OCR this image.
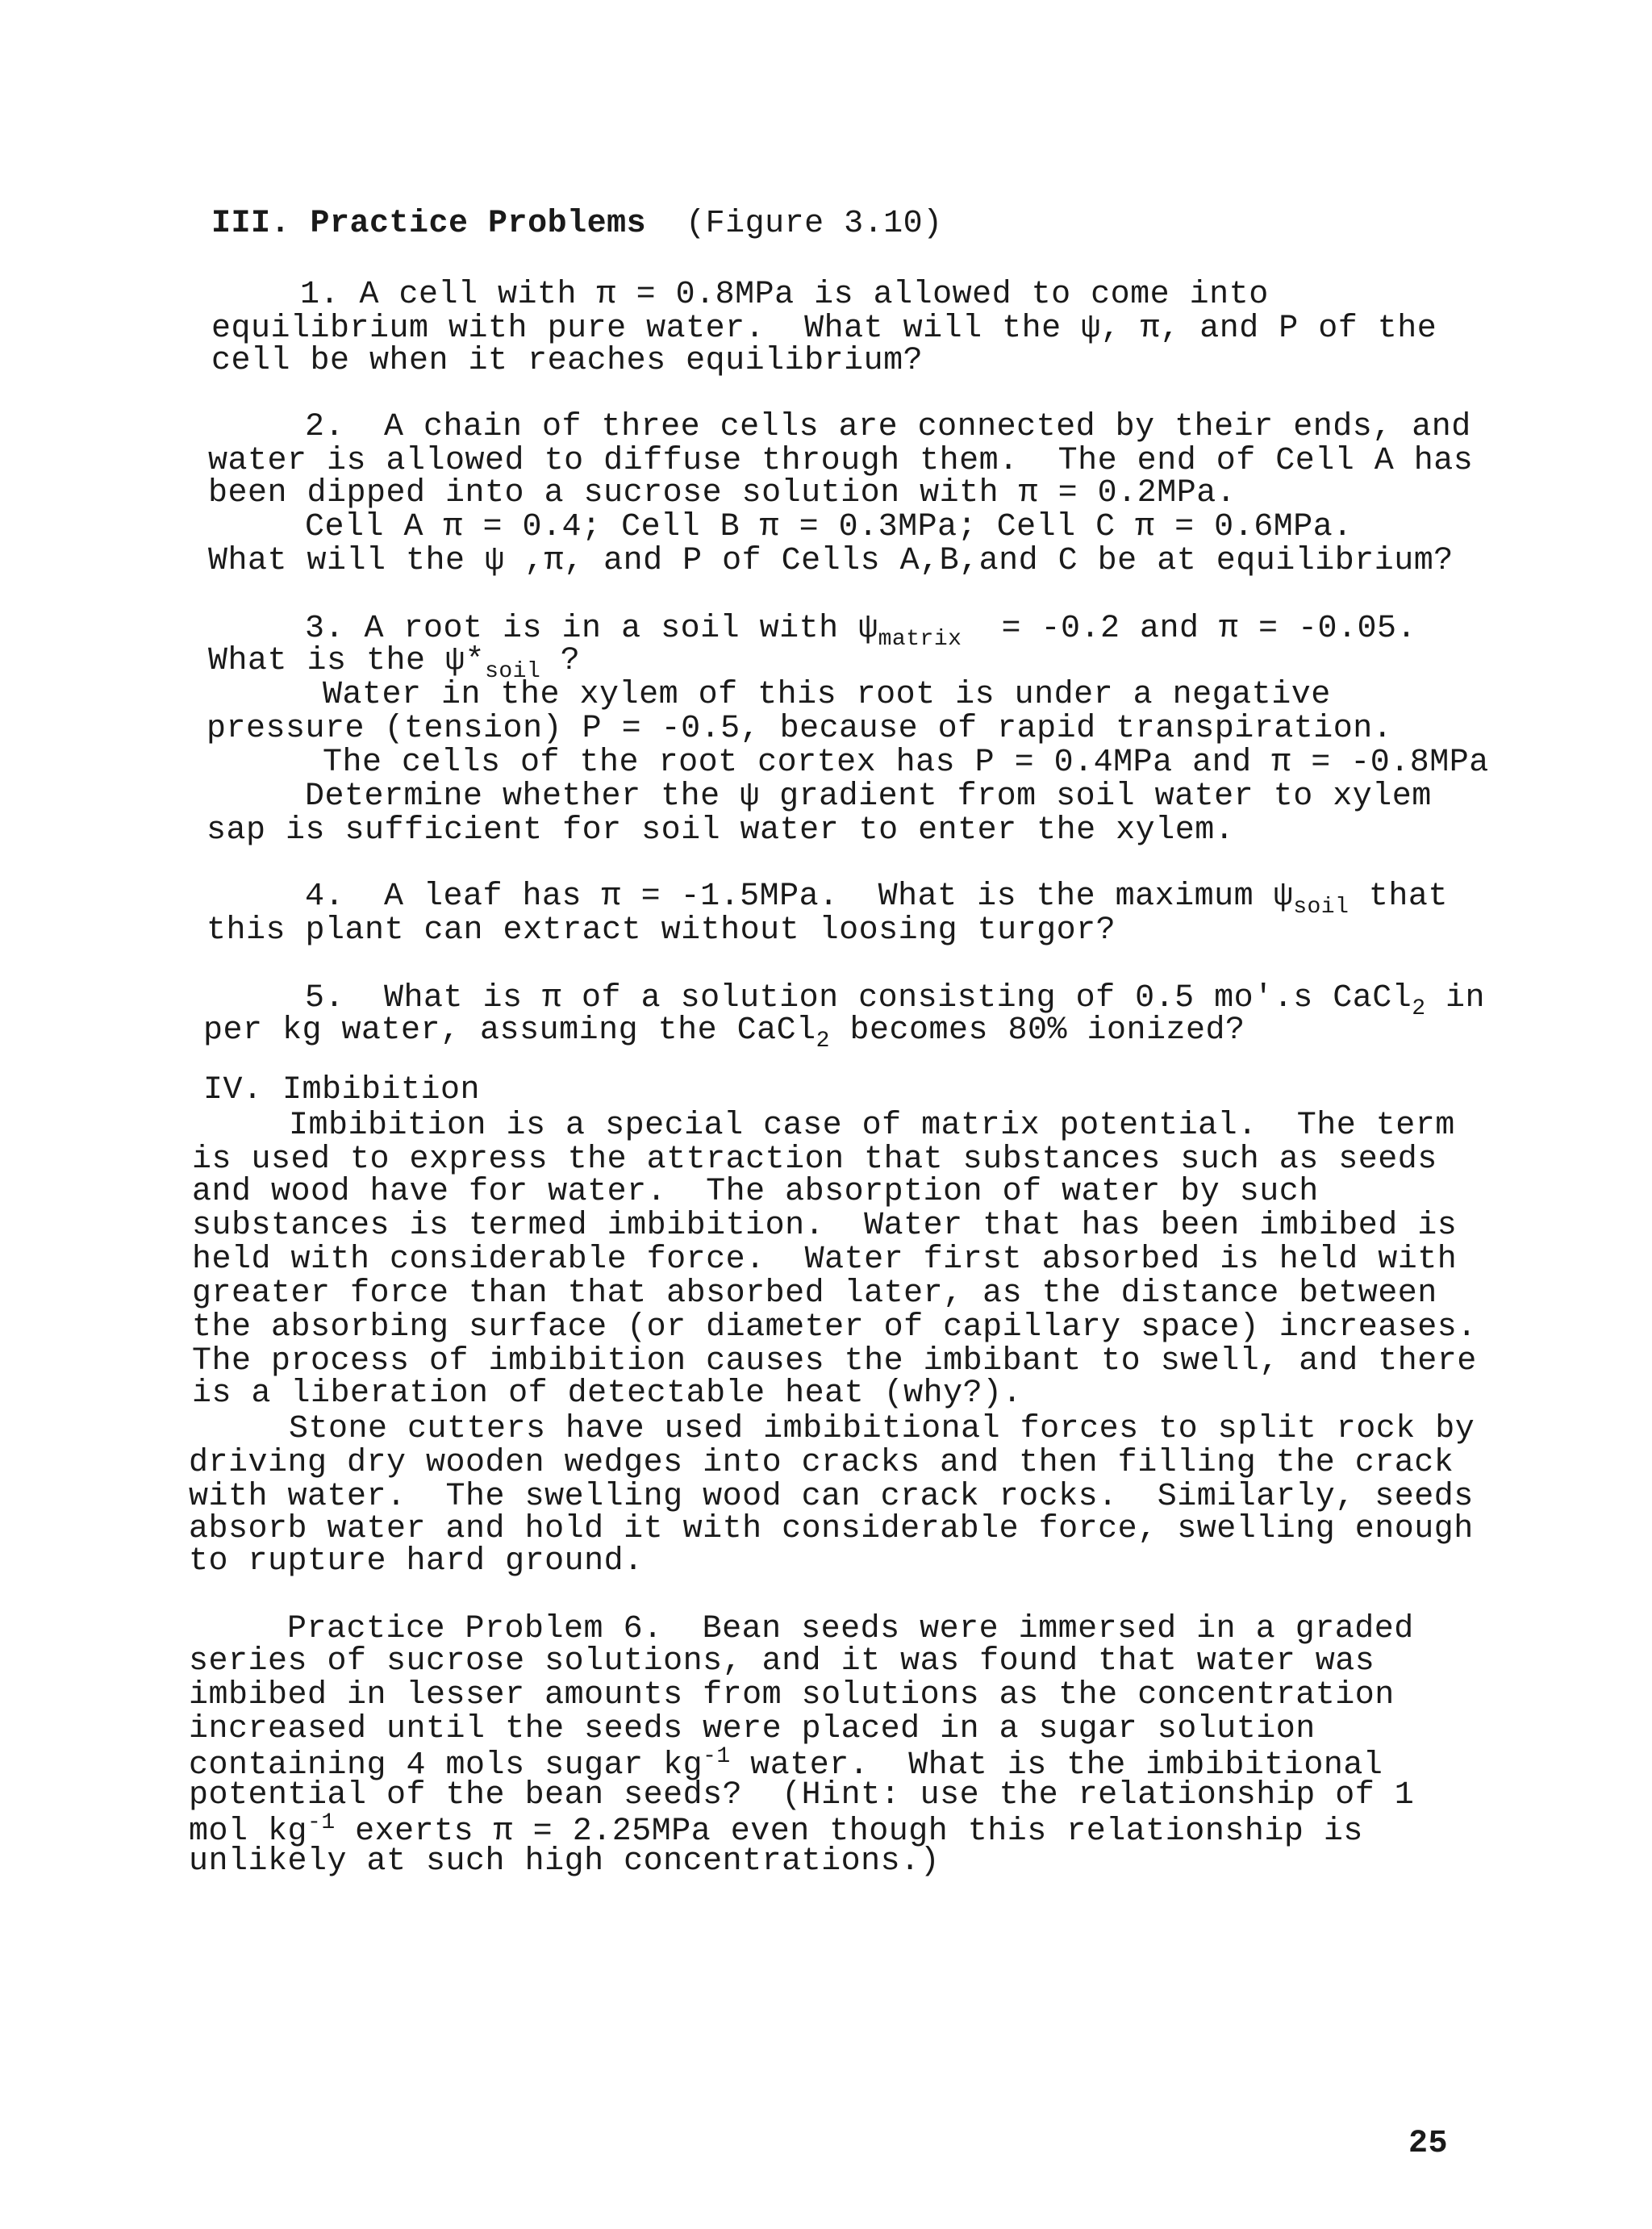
III. Practice Problems (Figure 3.10)
1. A cell with π = 0.8MPa is allowed to come into
equilibrium with pure water.  What will the ψ, π, and P of the
cell be when it reaches equilibrium?
2.  A chain of three cells are connected by their ends, and
water is allowed to diffuse through them.  The end of Cell A has
been dipped into a sucrose solution with π = 0.2MPa.
Cell A π = 0.4; Cell B π = 0.3MPa; Cell C π = 0.6MPa.
What will the ψ ,π, and P of Cells A,B,and C be at equilibrium?
3. A root is in a soil with $\psi_{matrix} = -0.2$ and π = -0.05.
What is the $\psi*_{soil}$ ?
Water in the xylem of this root is under a negative
pressure (tension) P = -0.5, because of rapid transpiration.
The cells of the root cortex has P = 0.4MPa and π = -0.8MPa
Determine whether the ψ gradient from soil water to xylem
sap is sufficient for soil water to enter the xylem.
4.  A leaf has π = -1.5MPa.  What is the maximum $\psi_{soil}$ that
this plant can extract without loosing turgor?
5.  What is π of a solution consisting of 0.5 mo'.s CaCl$_2$ in
per kg water, assuming the CaCl$_2$ becomes 80% ionized?
IV. Imbibition
Imbibition is a special case of matrix potential.  The term
is used to express the attraction that substances such as seeds
and wood have for water.  The absorption of water by such
substances is termed imbibition.  Water that has been imbibed is
held with considerable force.  Water first absorbed is held with
greater force than that absorbed later, as the distance between
the absorbing surface (or diameter of capillary space) increases.
The process of imbibition causes the imbibant to swell, and there
is a liberation of detectable heat (why?).
Stone cutters have used imbibitional forces to split rock by
driving dry wooden wedges into cracks and then filling the crack
with water.  The swelling wood can crack rocks.  Similarly, seeds
absorb water and hold it with considerable force, swelling enough
to rupture hard ground.
Practice Problem 6.  Bean seeds were immersed in a graded
series of sucrose solutions, and it was found that water was
imbibed in lesser amounts from solutions as the concentration
increased until the seeds were placed in a sugar solution
containing 4 mols sugar $kg^{-1}$ water.  What is the imbibitional
potential of the bean seeds?  (Hint: use the relationship of 1
mol $kg^{-1}$ exerts π = 2.25MPa even though this relationship is
unlikely at such high concentrations.)
25
